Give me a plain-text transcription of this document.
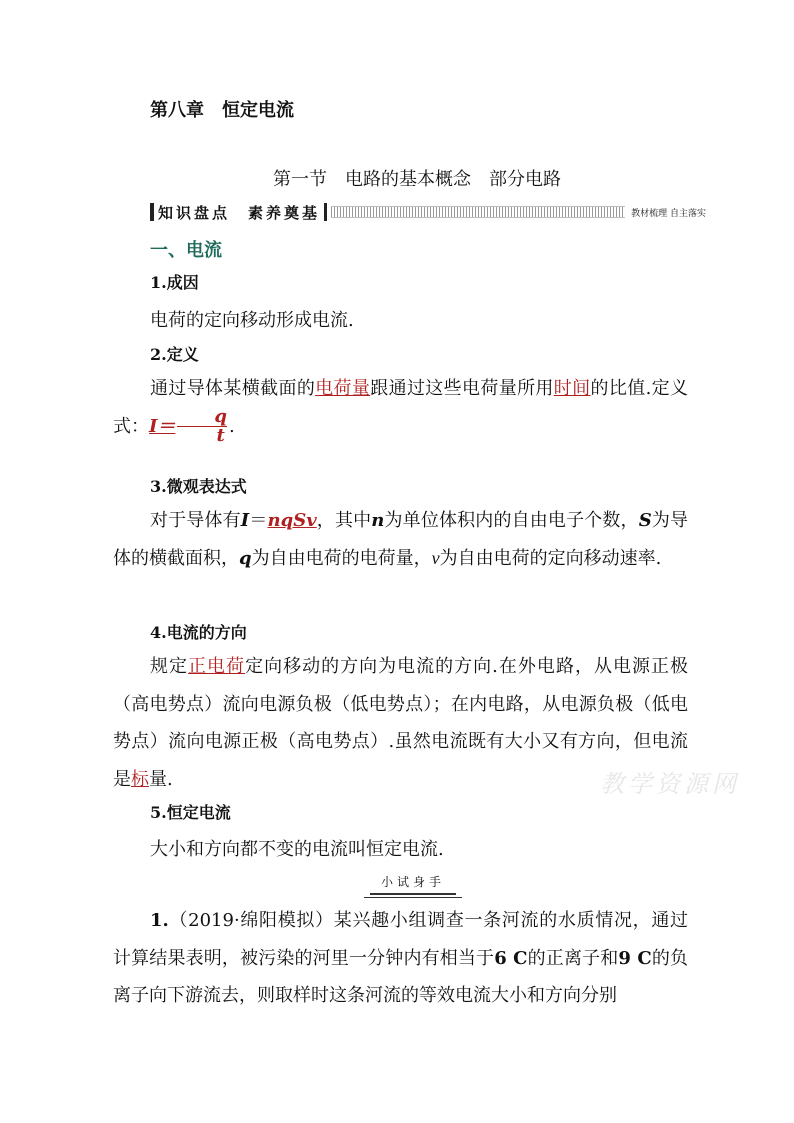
第八章　恒定电流
第一节　电路的基本概念　部分电路
知识盘点　素养奠基	教材梳理 自主落实
一、电流
1.成因
电荷的定向移动形成电流.
2.定义
通过导体某横截面的电荷量跟通过这些电荷量所用时间的比值.定义式：$I= \frac{q}{t}$ .
3.微观表达式
对于导体有I＝nqSv，其中n为单位体积内的自由电子个数，S为导体的横截面积，q为自由电荷的电荷量，v为自由电荷的定向移动速率.
4.电流的方向
规定正电荷定向移动的方向为电流的方向.在外电路，从电源正极（高电势点）流向电源负极（低电势点）；在内电路，从电源负极（低电势点）流向电源正极（高电势点）.虽然电流既有大小又有方向，但电流是标量.	教学资源网
5.恒定电流
大小和方向都不变的电流叫恒定电流.
小试身手
1.（2019·绵阳模拟）某兴趣小组调查一条河流的水质情况，通过计算结果表明，被污染的河里一分钟内有相当于6 C的正离子和9 C的负离子向下游流去，则取样时这条河流的等效电流大小和方向分别
